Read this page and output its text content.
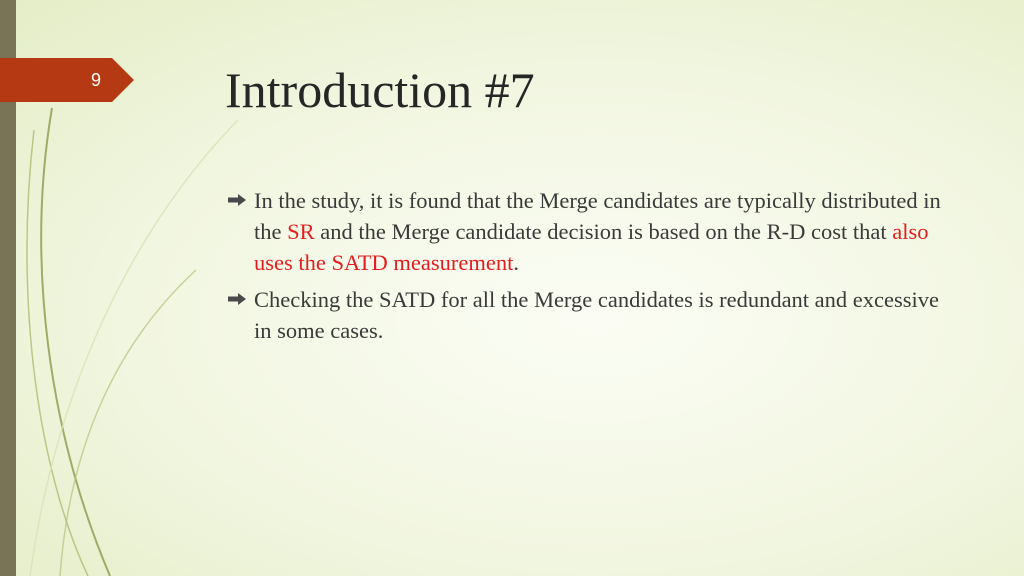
9 Introduction #7
In the study, it is found that the Merge candidates are typically distributed in the SR and the Merge candidate decision is based on the R-D cost that also uses the SATD measurement.
Checking the SATD for all the Merge candidates is redundant and excessive in some cases.
